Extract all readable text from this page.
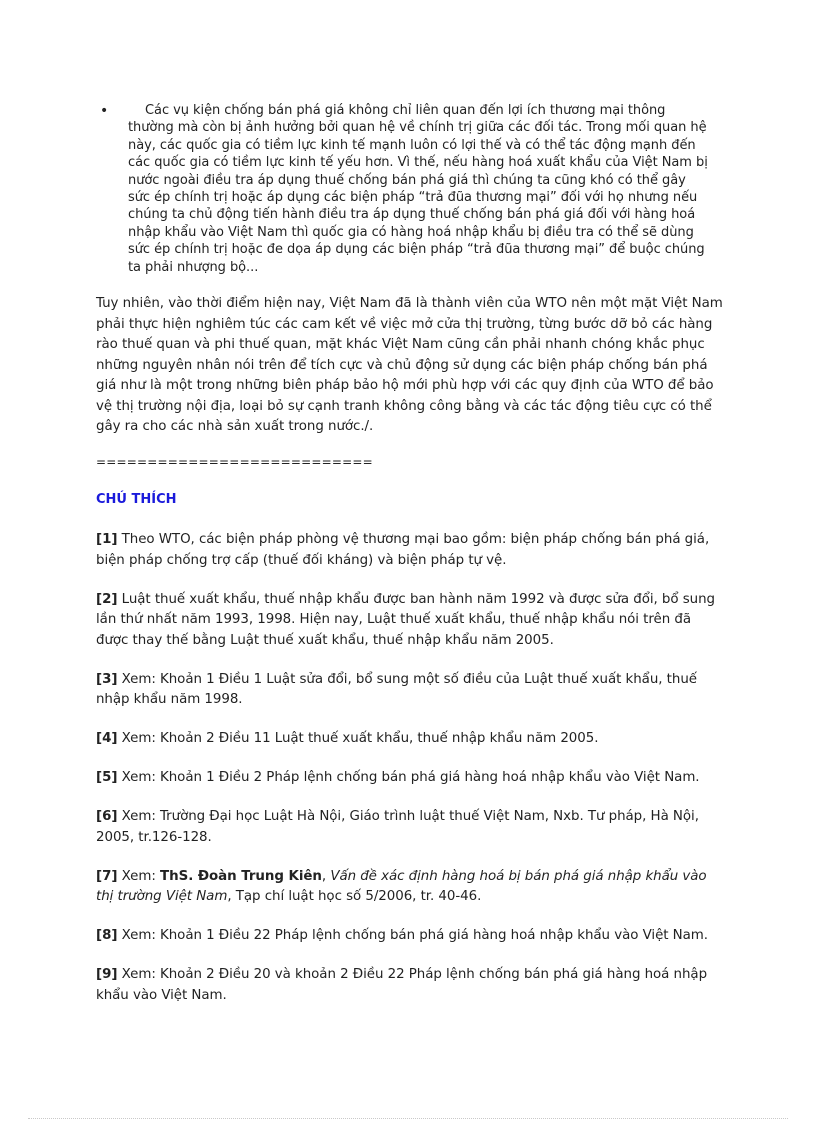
•	Các vụ kiện chống bán phá giá không chỉ liên quan đến lợi ích thương mại thông thường mà còn bị ảnh hưởng bởi quan hệ về chính trị giữa các đối tác. Trong mối quan hệ này, các quốc gia có tiềm lực kinh tế mạnh luôn có lợi thế và có thể tác động mạnh đến các quốc gia có tiềm lực kinh tế yếu hơn. Vì thế, nếu hàng hoá xuất khẩu của Việt Nam bị nước ngoài điều tra áp dụng thuế chống bán phá giá thì chúng ta cũng khó có thể gây sức ép chính trị hoặc áp dụng các biện pháp “trả đũa thương mại” đối với họ nhưng nếu chúng ta chủ động tiến hành điều tra áp dụng thuế chống bán phá giá đối với hàng hoá nhập khẩu vào Việt Nam thì quốc gia có hàng hoá nhập khẩu bị điều tra có thể sẽ dùng sức ép chính trị hoặc đe dọa áp dụng các biện pháp “trả đũa thương mại” để buộc chúng ta phải nhượng bộ...
Tuy nhiên, vào thời điểm hiện nay, Việt Nam đã là thành viên của WTO nên một mặt Việt Nam phải thực hiện nghiêm túc các cam kết về việc mở cửa thị trường, từng bước dỡ bỏ các hàng rào thuế quan và phi thuế quan, mặt khác Việt Nam cũng cần phải nhanh chóng khắc phục những nguyên nhân nói trên để tích cực và chủ động sử dụng các biện pháp chống bán phá giá như là một trong những biên pháp bảo hộ mới phù hợp với các quy định của WTO để bảo vệ thị trường nội địa, loại bỏ sự cạnh tranh không công bằng và các tác động tiêu cực có thể gây ra cho các nhà sản xuất trong nước./.
===========================
CHÚ THÍCH

[1] Theo WTO, các biện pháp phòng vệ thương mại bao gồm: biện pháp chống bán phá giá, biện pháp chống trợ cấp (thuế đối kháng) và biện pháp tự vệ.

[2] Luật thuế xuất khẩu, thuế nhập khẩu được ban hành năm 1992 và được sửa đổi, bổ sung lần thứ nhất năm 1993, 1998. Hiện nay, Luật thuế xuất khẩu, thuế nhập khẩu nói trên đã được thay thế bằng Luật thuế xuất khẩu, thuế nhập khẩu năm 2005.

[3] Xem: Khoản 1 Điều 1 Luật sửa đổi, bổ sung một số điều của Luật thuế xuất khẩu, thuế nhập khẩu năm 1998.

[4] Xem: Khoản 2 Điều 11 Luật thuế xuất khẩu, thuế nhập khẩu năm 2005.

[5] Xem: Khoản 1 Điều 2 Pháp lệnh chống bán phá giá hàng hoá nhập khẩu vào Việt Nam.

[6] Xem: Trường Đại học Luật Hà Nội, Giáo trình luật thuế Việt Nam, Nxb. Tư pháp, Hà Nội, 2005, tr.126-128.

[7] Xem: ThS. Đoàn Trung Kiên, Vấn đề xác định hàng hoá bị bán phá giá nhập khẩu vào thị trường Việt Nam, Tạp chí luật học số 5/2006, tr. 40-46.

[8] Xem: Khoản 1 Điều 22 Pháp lệnh chống bán phá giá hàng hoá nhập khẩu vào Việt Nam.

[9] Xem: Khoản 2 Điều 20 và khoản 2 Điều 22 Pháp lệnh chống bán phá giá hàng hoá nhập khẩu vào Việt Nam.
